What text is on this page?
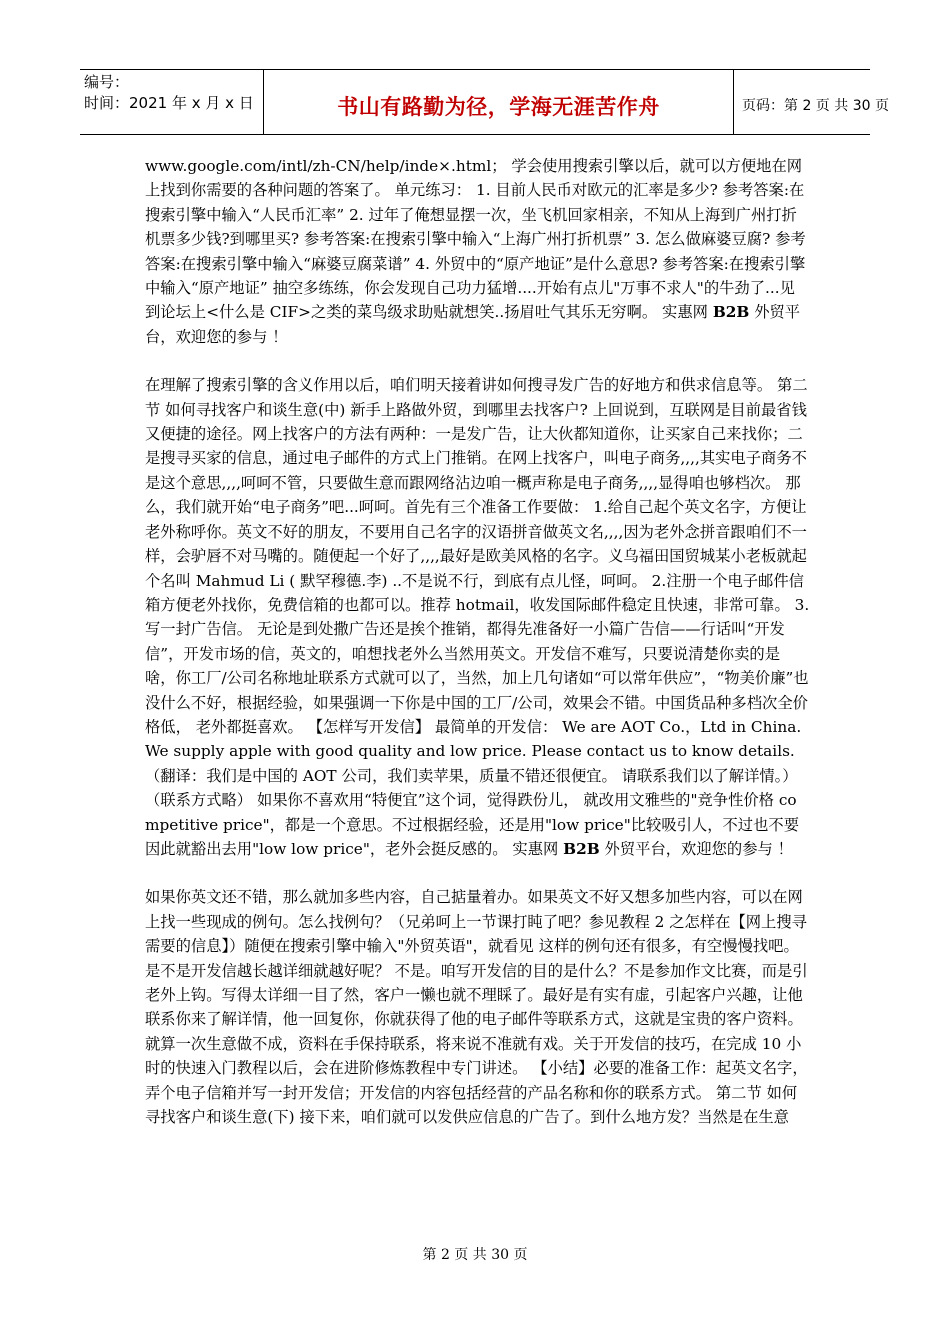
编号：
时间：2021 年 x 月 x 日	书山有路勤为径，学海无涯苦作舟	页码：第 2 页 共 30 页

www.google.com/intl/zh-CN/help/inde×.html； 学会使用搜索引擎以后，就可以方便地在网上找到你需要的各种问题的答案了。 单元练习： 1. 目前人民币对欧元的汇率是多少? 参考答案:在搜索引擎中输入“人民币汇率” 2. 过年了俺想显摆一次，坐飞机回家相亲，不知从上海到广州打折机票多少钱?到哪里买? 参考答案:在搜索引擎中输入“上海广州打折机票” 3. 怎么做麻婆豆腐? 参考答案:在搜索引擎中输入“麻婆豆腐菜谱” 4. 外贸中的“原产地证”是什么意思? 参考答案:在搜索引擎中输入“原产地证” 抽空多练练，你会发现自己功力猛增....开始有点儿"万事不求人"的牛劲了...见到论坛上<什么是 CIF>之类的菜鸟级求助贴就想笑..扬眉吐气其乐无穷啊。 实惠网 B2B 外贸平台，欢迎您的参与 ！

在理解了搜索引擎的含义作用以后，咱们明天接着讲如何搜寻发广告的好地方和供求信息等。 第二节 如何寻找客户和谈生意(中) 新手上路做外贸，到哪里去找客户? 上回说到，互联网是目前最省钱又便捷的途径。网上找客户的方法有两种：一是发广告，让大伙都知道你，让买家自己来找你；二是搜寻买家的信息，通过电子邮件的方式上门推销。在网上找客户，叫电子商务,,,,其实电子商务不是这个意思,,,,呵呵不管，只要做生意而跟网络沾边咱一概声称是电子商务,,,,显得咱也够档次。 那么，我们就开始“电子商务”吧...呵呵。首先有三个准备工作要做： 1.给自己起个英文名字，方便让老外称呼你。英文不好的朋友，不要用自己名字的汉语拼音做英文名,,,,因为老外念拼音跟咱们不一样，会驴唇不对马嘴的。随便起一个好了,,,,最好是欧美风格的名字。义乌福田国贸城某小老板就起个名叫 Mahmud Li ( 默罕穆德.李) ..不是说不行，到底有点儿怪，呵呵。 2.注册一个电子邮件信箱方便老外找你，免费信箱的也都可以。推荐 hotmail，收发国际邮件稳定且快速，非常可靠。 3.写一封广告信。 无论是到处撒广告还是挨个推销，都得先准备好一小篇广告信——行话叫“开发信”，开发市场的信，英文的，咱想找老外么当然用英文。开发信不难写，只要说清楚你卖的是啥，你工厂/公司名称地址联系方式就可以了，当然，加上几句诸如“可以常年供应”，“物美价廉”也没什么不好，根据经验，如果强调一下你是中国的工厂/公司，效果会不错。中国货品种多档次全价格低， 老外都挺喜欢。 【怎样写开发信】 最简单的开发信： We are AOT Co.，Ltd in China. We supply apple with good quality and low price. Please contact us to know details. （翻译：我们是中国的 AOT 公司，我们卖苹果，质量不错还很便宜。 请联系我们以了解详情。） （联系方式略） 如果你不喜欢用“特便宜”这个词，觉得跌份儿， 就改用文雅些的"竞争性价格 competitive price"，都是一个意思。不过根据经验，还是用"low price"比较吸引人，不过也不要因此就豁出去用"low low price"，老外会挺反感的。 实惠网 B2B 外贸平台，欢迎您的参与 ！

如果你英文还不错，那么就加多些内容，自己掂量着办。如果英文不好又想多加些内容，可以在网上找一些现成的例句。怎么找例句？（兄弟呵上一节课打盹了吧？参见教程 2 之怎样在【网上搜寻需要的信息】）随便在搜索引擎中输入"外贸英语"，就看见 这样的例句还有很多，有空慢慢找吧。 是不是开发信越长越详细就越好呢？ 不是。咱写开发信的目的是什么？不是参加作文比赛，而是引老外上钩。写得太详细一目了然，客户一懒也就不理睬了。最好是有实有虚，引起客户兴趣，让他联系你来了解详情，他一回复你，你就获得了他的电子邮件等联系方式，这就是宝贵的客户资料。就算一次生意做不成，资料在手保持联系，将来说不准就有戏。关于开发信的技巧，在完成 10 小时的快速入门教程以后，会在进阶修炼教程中专门讲述。 【小结】必要的准备工作：起英文名字，弄个电子信箱并写一封开发信；开发信的内容包括经营的产品名称和你的联系方式。 第二节 如何寻找客户和谈生意(下) 接下来，咱们就可以发供应信息的广告了。到什么地方发？当然是在生意

第 2 页 共 30 页
